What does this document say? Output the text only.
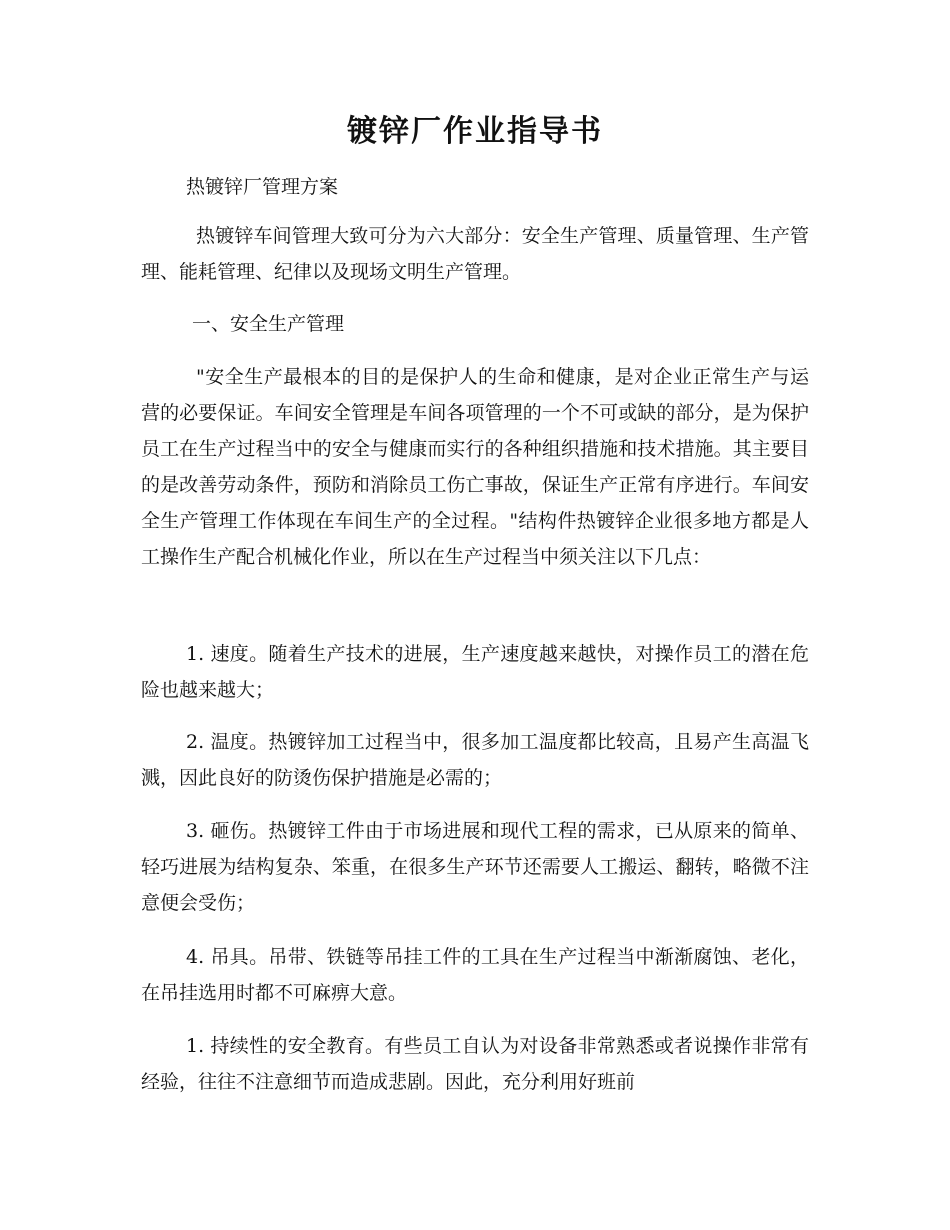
镀锌厂作业指导书

热镀锌厂管理方案

热镀锌车间管理大致可分为六大部分：安全生产管理、质量管理、生产管理、能耗管理、纪律以及现场文明生产管理。

一、安全生产管理

"安全生产最根本的目的是保护人的生命和健康，是对企业正常生产与运营的必要保证。车间安全管理是车间各项管理的一个不可或缺的部分，是为保护员工在生产过程当中的安全与健康而实行的各种组织措施和技术措施。其主要目的是改善劳动条件，预防和消除员工伤亡事故，保证生产正常有序进行。车间安全生产管理工作体现在车间生产的全过程。"结构件热镀锌企业很多地方都是人工操作生产配合机械化作业，所以在生产过程当中须关注以下几点：

1. 速度。随着生产技术的进展，生产速度越来越快，对操作员工的潜在危险也越来越大；

2. 温度。热镀锌加工过程当中，很多加工温度都比较高，且易产生高温飞溅，因此良好的防烫伤保护措施是必需的；

3. 砸伤。热镀锌工件由于市场进展和现代工程的需求，已从原来的简单、轻巧进展为结构复杂、笨重，在很多生产环节还需要人工搬运、翻转，略微不注意便会受伤；

4. 吊具。吊带、铁链等吊挂工件的工具在生产过程当中渐渐腐蚀、老化，在吊挂选用时都不可麻痹大意。

1. 持续性的安全教育。有些员工自认为对设备非常熟悉或者说操作非常有经验，往往不注意细节而造成悲剧。因此，充分利用好班前
